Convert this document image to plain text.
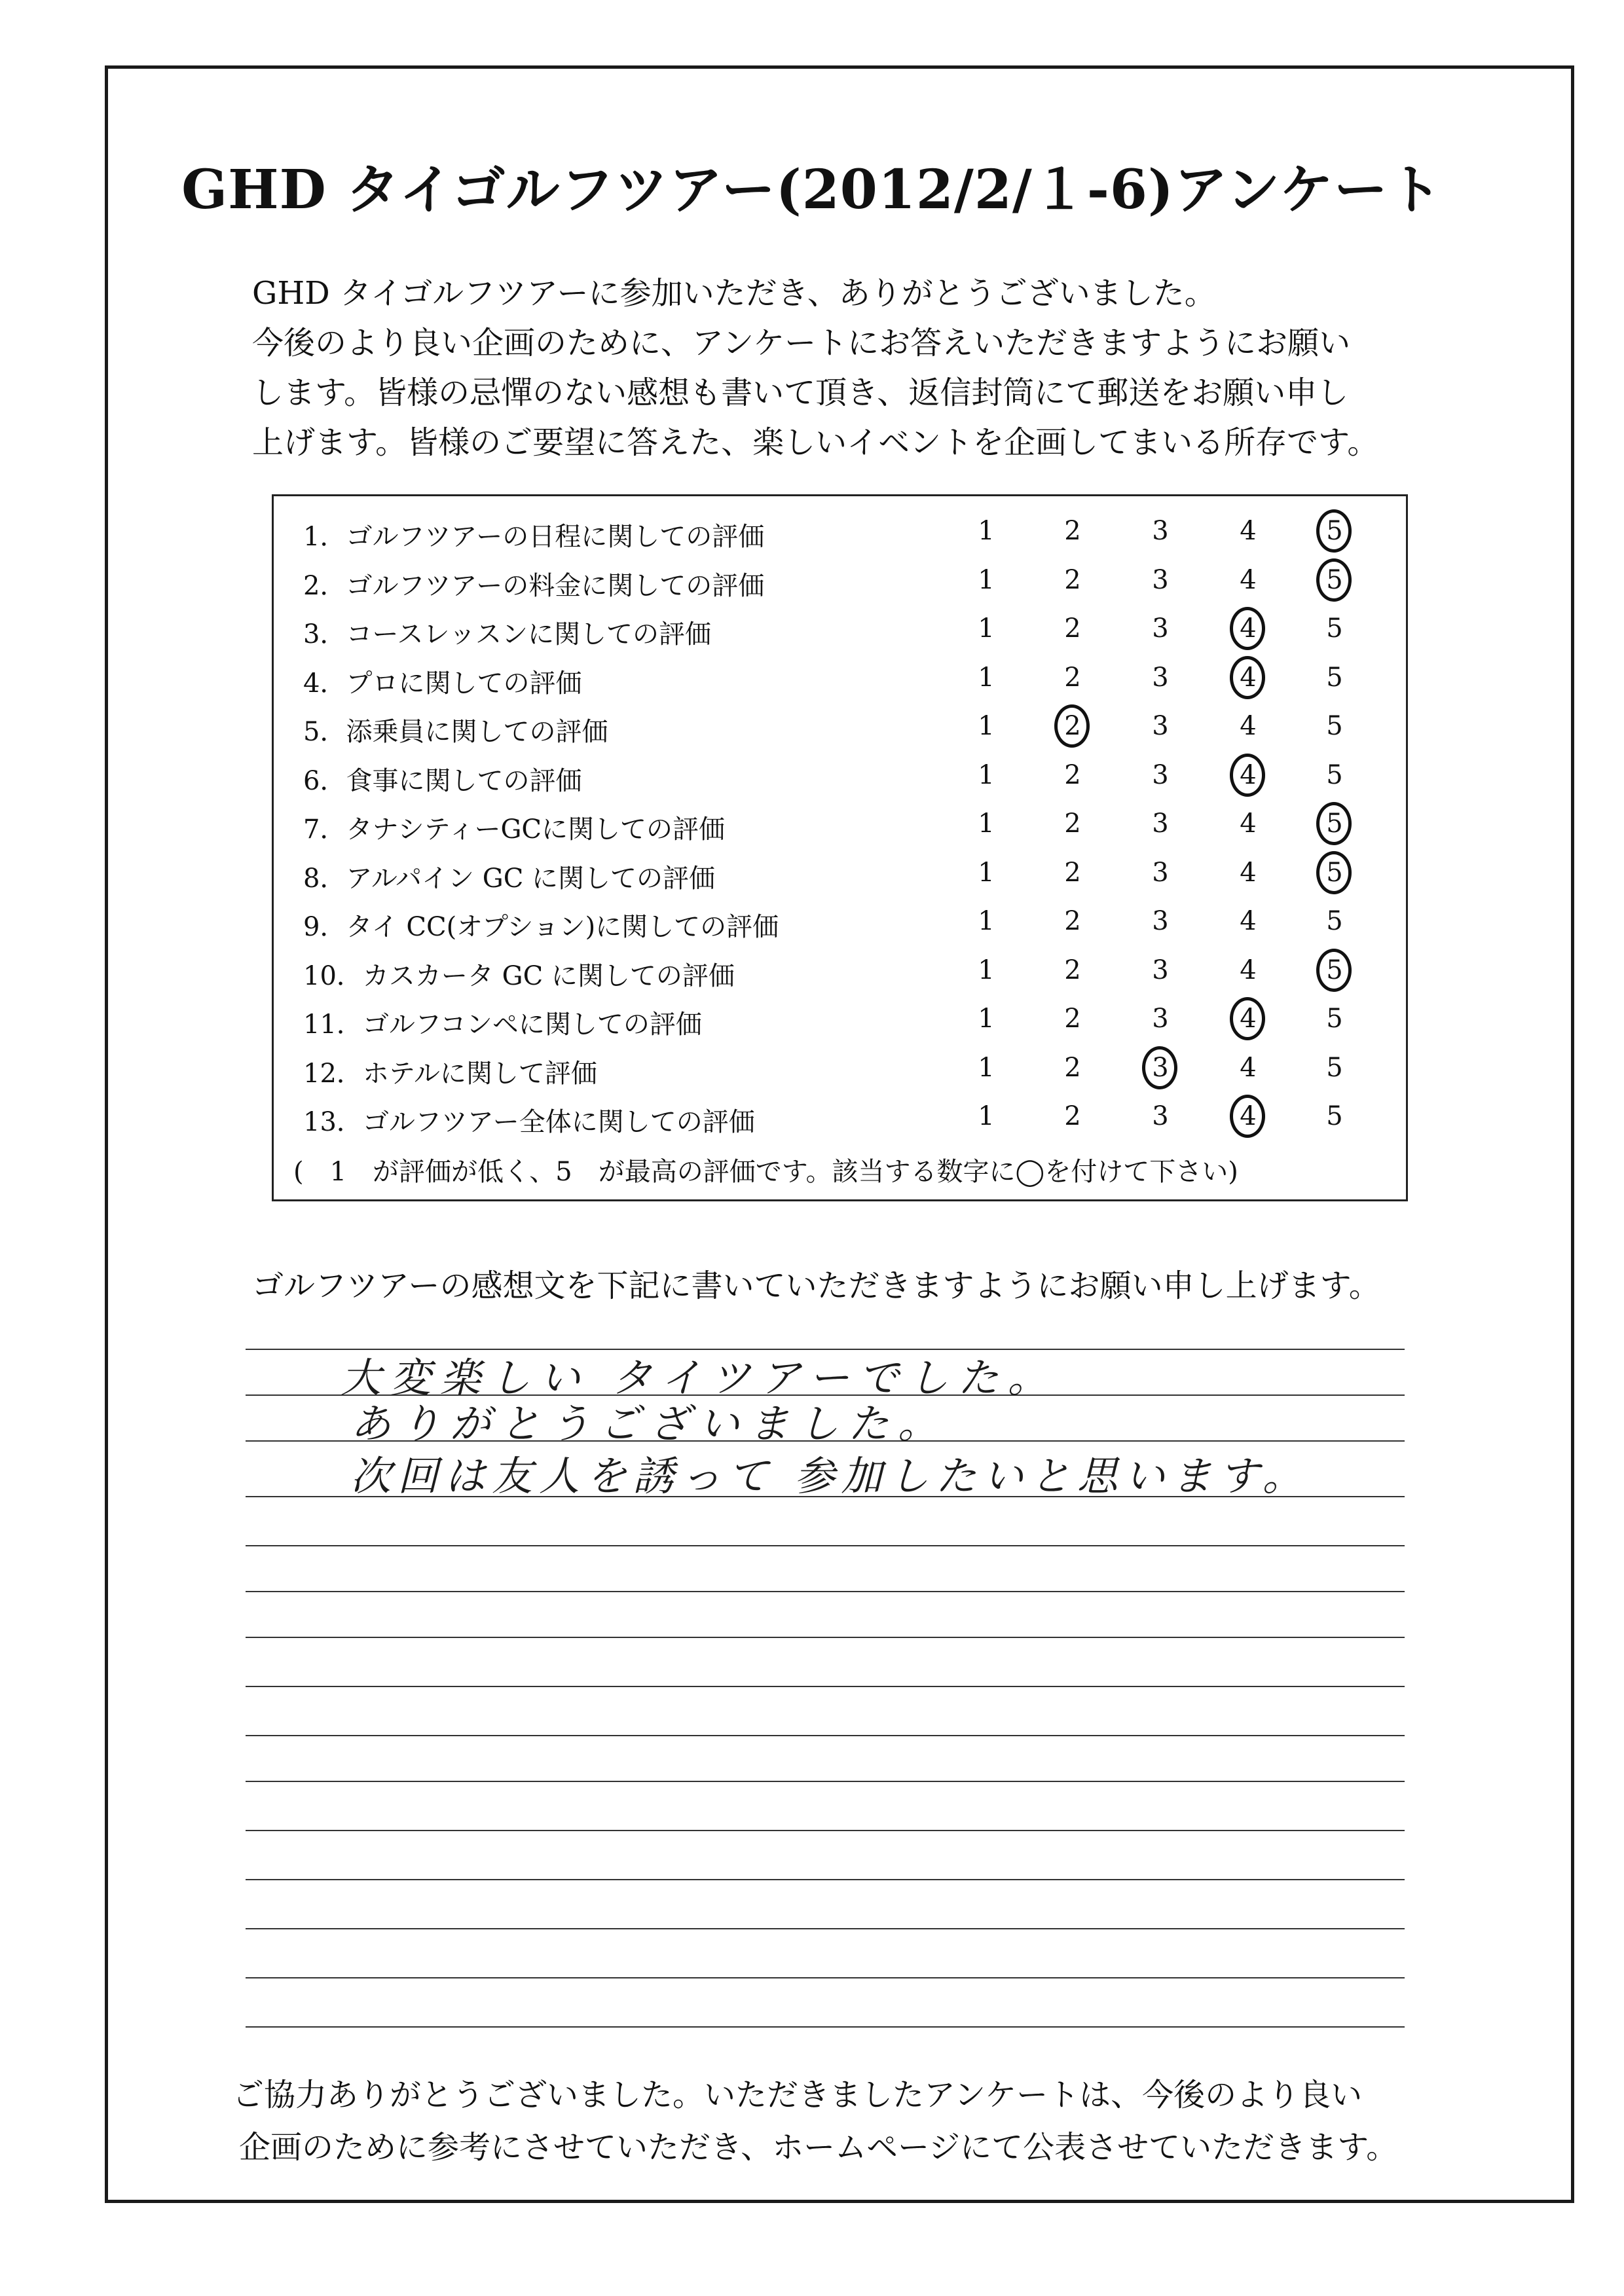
GHD タイゴルフツアー(2012/2/１-6)アンケート
GHD タイゴルフツアーに参加いただき、ありがとうございました。
今後のより良い企画のために、アンケートにお答えいただきますようにお願い
します。皆様の忌憚のない感想も書いて頂き、返信封筒にて郵送をお願い申し
上げます。皆様のご要望に答えた、楽しいイベントを企画してまいる所存です。
1．ゴルフツアーの日程に関しての評価	1	2	3	4	5
2．ゴルフツアーの料金に関しての評価	1	2	3	4	5
3．コースレッスンに関しての評価	1	2	3	4	5
4．プロに関しての評価	1	2	3	4	5
5．添乗員に関しての評価	1	2	3	4	5
6．食事に関しての評価	1	2	3	4	5
7．タナシティーGCに関しての評価	1	2	3	4	5
8．アルパイン GC に関しての評価	1	2	3	4	5
9．タイ CC(オプション)に関しての評価	1	2	3	4	5
10．カスカータ GC に関しての評価	1	2	3	4	5
11．ゴルフコンペに関しての評価	1	2	3	4	5
12．ホテルに関して評価	1	2	3	4	5
13．ゴルフツアー全体に関しての評価	1	2	3	4	5
(　1　が評価が低く、5　が最高の評価です。該当する数字に◯を付けて下さい)
ゴルフツアーの感想文を下記に書いていただきますようにお願い申し上げます。
大変楽しい タイツアーでした。
ありがとうございました。
次回は友人を誘って 参加したいと思います。
ご協力ありがとうございました。いただきましたアンケートは、今後のより良い
企画のために参考にさせていただき、ホームページにて公表させていただきます。
